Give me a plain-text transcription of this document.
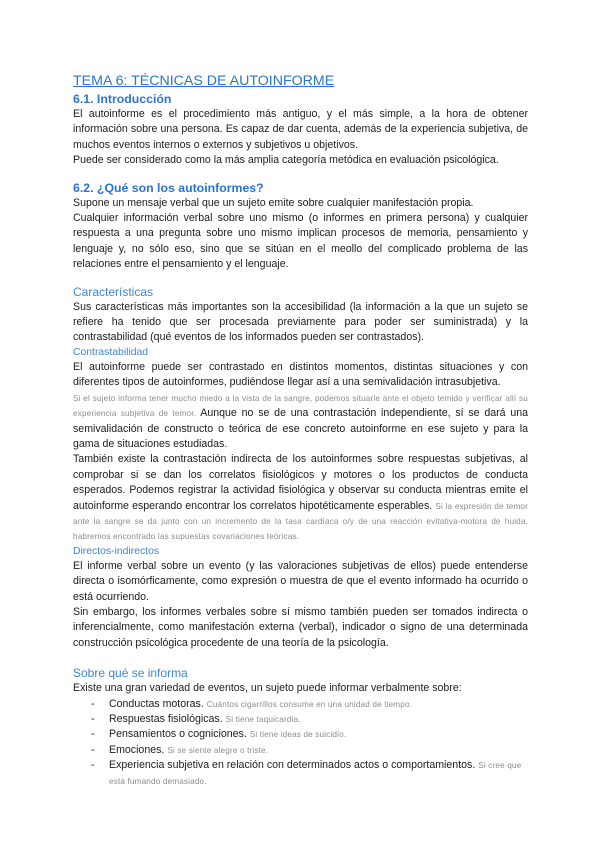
TEMA 6: TÉCNICAS DE AUTOINFORME
6.1. Introducción

El autoinforme es el procedimiento más antiguo, y el más simple, a la hora de obtener información sobre una persona. Es capaz de dar cuenta, además de la experiencia subjetiva, de muchos eventos internos o externos y subjetivos u objetivos.

Puede ser considerado como la más amplia categoría metódica en evaluación psicológica.

6.2. ¿Qué son los autoinformes?

Supone un mensaje verbal que un sujeto emite sobre cualquier manifestación propia.

Cualquier información verbal sobre uno mismo (o informes en primera persona) y cualquier respuesta a una pregunta sobre uno mismo implican procesos de memoria, pensamiento y lenguaje y, no sólo eso, sino que se sitúan en el meollo del complicado problema de las relaciones entre el pensamiento y el lenguaje.

Características

Sus características más importantes son la accesibilidad (la información a la que un sujeto se refiere ha tenido que ser procesada previamente para poder ser suministrada) y la contrastabilidad (qué eventos de los informados pueden ser contrastados).

Contrastabilidad

El autoinforme puede ser contrastado en distintos momentos, distintas situaciones y con diferentes tipos de autoinformes, pudiéndose llegar así a una semivalidación intrasubjetiva.

Si el sujeto informa tener mucho miedo a la vista de la sangre, podemos situarle ante el objeto temido y verificar allí su experiencia subjetiva de temor. Aunque no se de una contrastación independiente, sí se dará una semivalidación de constructo o teórica de ese concreto autoinforme en ese sujeto y para la gama de situaciones estudiadas.

También existe la contrastación indirecta de los autoinformes sobre respuestas subjetivas, al comprobar si se dan los correlatos fisiológicos y motores o los productos de conducta esperados. Podemos registrar la actividad fisiológica y observar su conducta mientras emite el autoinforme esperando encontrar los correlatos hipotéticamente esperables. Si la expresión de temor ante la sangre se da junto con un incremento de la tasa cardíaca o/y de una reacción evitativa-motora de huida, habremos encontrado las supuestas covariaciones teóricas.

Directos-indirectos

El informe verbal sobre un evento (y las valoraciones subjetivas de ellos) puede entenderse directa o isomórficamente, como expresión o muestra de que el evento informado ha ocurrido o está ocurriendo.

Sin embargo, los informes verbales sobre sí mismo también pueden ser tomados indirecta o inferencialmente, como manifestación externa (verbal), indicador o signo de una determinada construcción psicológica procedente de una teoría de la psicología.

Sobre qué se informa

Existe una gran variedad de eventos, un sujeto puede informar verbalmente sobre:

- Conductas motoras. Cuántos cigarrillos consume en una unidad de tiempo.
- Respuestas fisiológicas. Si tiene taquicardia.
- Pensamientos o cogniciones. Si tiene ideas de suicidio.
- Emociones. Si se siente alegre o triste.
- Experiencia subjetiva en relación con determinados actos o comportamientos. Si cree que está fumando demasiado.
